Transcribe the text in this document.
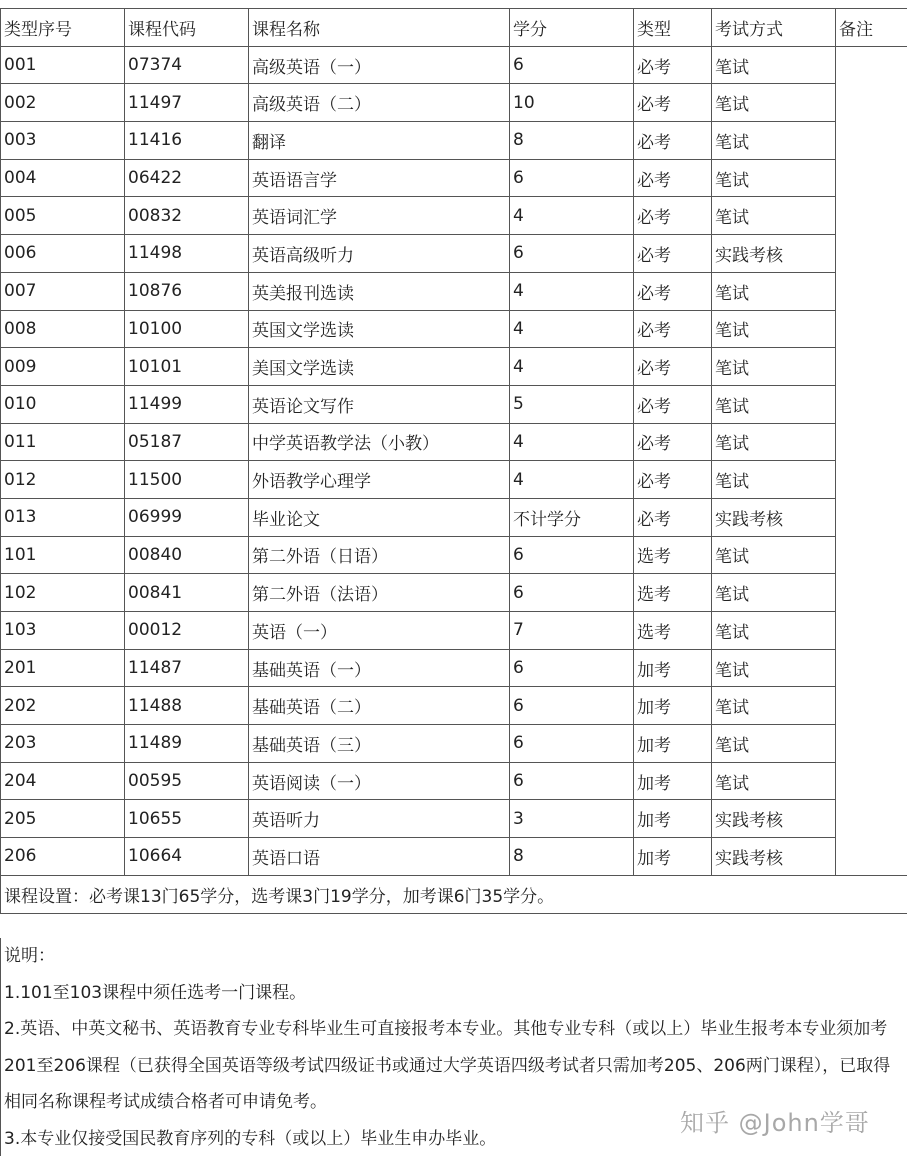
类型序号	课程代码	课程名称	学分	类型	考试方式	备注
001	07374	高级英语（一）	6	必考	笔试	
002	11497	高级英语（二）	10	必考	笔试	
003	11416	翻译	8	必考	笔试	
004	06422	英语语言学	6	必考	笔试	
005	00832	英语词汇学	4	必考	笔试	
006	11498	英语高级听力	6	必考	实践考核	
007	10876	英美报刊选读	4	必考	笔试	
008	10100	英国文学选读	4	必考	笔试	
009	10101	美国文学选读	4	必考	笔试	
010	11499	英语论文写作	5	必考	笔试	
011	05187	中学英语教学法（小教）	4	必考	笔试	
012	11500	外语教学心理学	4	必考	笔试	
013	06999	毕业论文	不计学分	必考	实践考核	
101	00840	第二外语（日语）	6	选考	笔试	
102	00841	第二外语（法语）	6	选考	笔试	
103	00012	英语（一）	7	选考	笔试	
201	11487	基础英语（一）	6	加考	笔试	
202	11488	基础英语（二）	6	加考	笔试	
203	11489	基础英语（三）	6	加考	笔试	
204	00595	英语阅读（一）	6	加考	笔试	
205	10655	英语听力	3	加考	实践考核	
206	10664	英语口语	8	加考	实践考核	
课程设置：必考课13门65学分，选考课3门19学分，加考课6门35学分。						
说明：
1.101至103课程中须任选考一门课程。
2.英语、中英文秘书、英语教育专业专科毕业生可直接报考本专业。其他专业专科（或以上）毕业生报考本专业须加考201至206课程（已获得全国英语等级考试四级证书或通过大学英语四级考试者只需加考205、206两门课程），已取得相同名称课程考试成绩合格者可申请免考。
3.本专业仅接受国民教育序列的专科（或以上）毕业生申办毕业。
知乎 @John学哥
